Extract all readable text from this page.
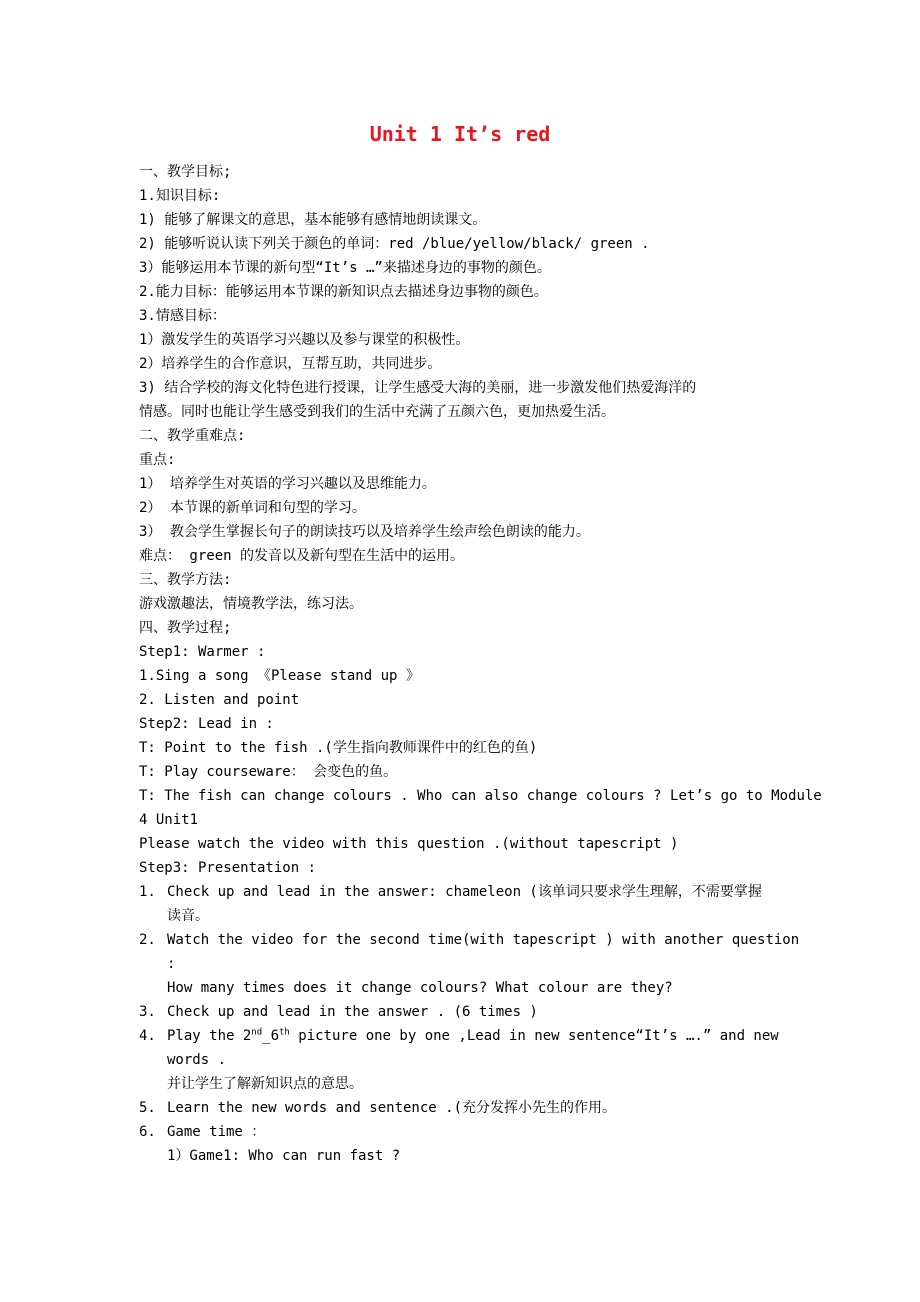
Unit 1 It’s red
一、教学目标;
1.知识目标:
1) 能够了解课文的意思，基本能够有感情地朗读课文。
2) 能够听说认读下列关于颜色的单词：red /blue/yellow/black/ green .
3）能够运用本节课的新句型“It’s …”来描述身边的事物的颜色。
2.能力目标：能够运用本节课的新知识点去描述身边事物的颜色。
3.情感目标：
1）激发学生的英语学习兴趣以及参与课堂的积极性。
2）培养学生的合作意识，互帮互助，共同进步。
3) 结合学校的海文化特色进行授课，让学生感受大海的美丽，进一步激发他们热爱海洋的
情感。同时也能让学生感受到我们的生活中充满了五颜六色，更加热爱生活。
二、教学重难点:
重点:
1） 培养学生对英语的学习兴趣以及思维能力。
2） 本节课的新单词和句型的学习。
3） 教会学生掌握长句子的朗读技巧以及培养学生绘声绘色朗读的能力。
难点： green 的发音以及新句型在生活中的运用。
三、教学方法:
游戏激趣法，情境教学法，练习法。
四、教学过程;
Step1: Warmer :
1.Sing a song 《Please stand up 》
2. Listen and point
Step2: Lead in :
T: Point to the fish .(学生指向教师课件中的红色的鱼)
T: Play courseware： 会变色的鱼。
T: The fish can change colours . Who can also change colours ? Let’s go to Module
4 Unit1
Please watch the video with this question .(without tapescript )
Step3: Presentation :
1. Check up and lead in the answer: chameleon (该单词只要求学生理解，不需要掌握
读音。
2. Watch the video for the second time(with tapescript ) with another question
:
How many times does it change colours? What colour are they?
3. Check up and lead in the answer . (6 times )
4. Play the 2nd_6th picture one by one ,Lead in new sentence“It’s ….” and new
words .
并让学生了解新知识点的意思。
5. Learn the new words and sentence .(充分发挥小先生的作用。
6. Game time ：
1）Game1: Who can run fast ?
